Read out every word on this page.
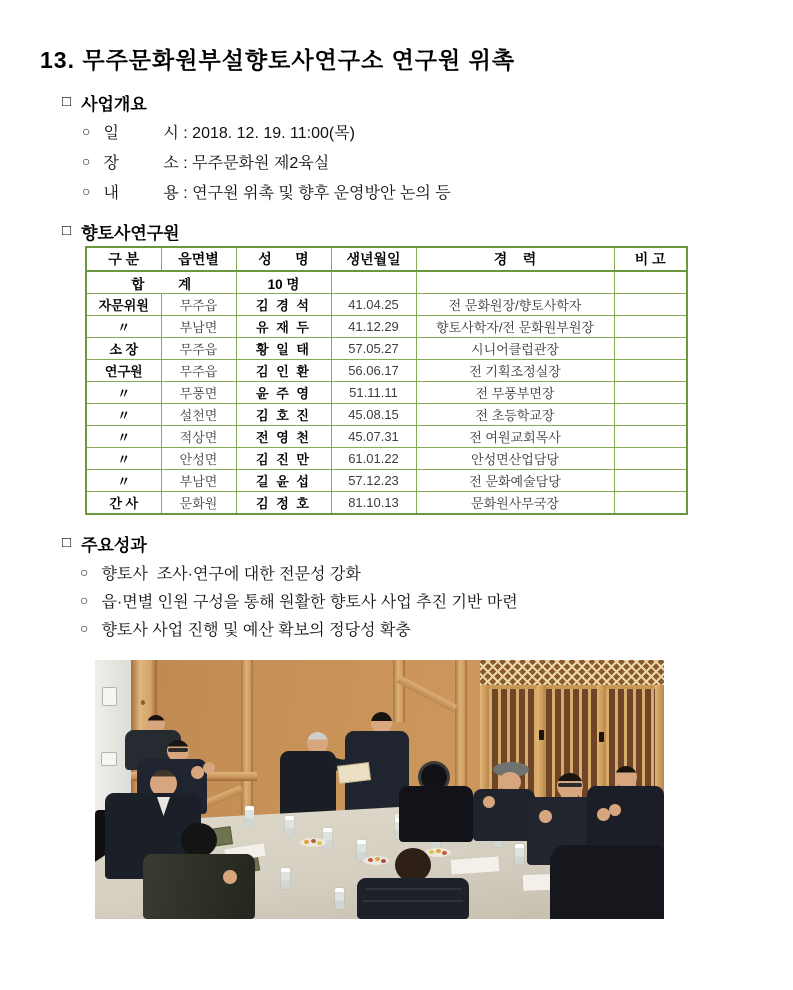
13. 무주문화원부설향토사연구소 연구원 위촉
□ 사업개요
○ 일          시 : 2018. 12. 19. 11:00(목)
○ 장          소 : 무주문화원 제2육실
○ 내          용 : 연구원 위촉 및 향후 운영방안 논의 등
□ 향토사연구원
구 분	읍면별	성      명	생년월일	경    력	비 고
합         계		10 명			
자문위원	무주읍	김 경 석	41.04.25	전 문화원장/향토사학자	
〃	부남면	유 재 두	41.12.29	향토사학자/전 문화원부원장	
소 장	무주읍	황 일 태	57.05.27	시니어클럽관장	
연구원	무주읍	김 인 환	56.06.17	전 기획조정실장	
〃	무풍면	윤 주 영	51.11.11	전 무풍부면장	
〃	설천면	김 호 진	45.08.15	전 초등학교장	
〃	적상면	전 영 천	45.07.31	전 여원교회목사	
〃	안성면	김 진 만	61.01.22	안성면산업담당	
〃	부남면	길 윤 섭	57.12.23	전 문화예술담당	
간 사	문화원	김 정 호	81.10.13	문화원사무국장	
□ 주요성과
○ 향토사  조사·연구에 대한 전문성 강화
○ 읍·면별 인원 구성을 통해 원활한 향토사 사업 추진 기반 마련
○ 향토사 사업 진행 및 예산 확보의 정당성 확충
